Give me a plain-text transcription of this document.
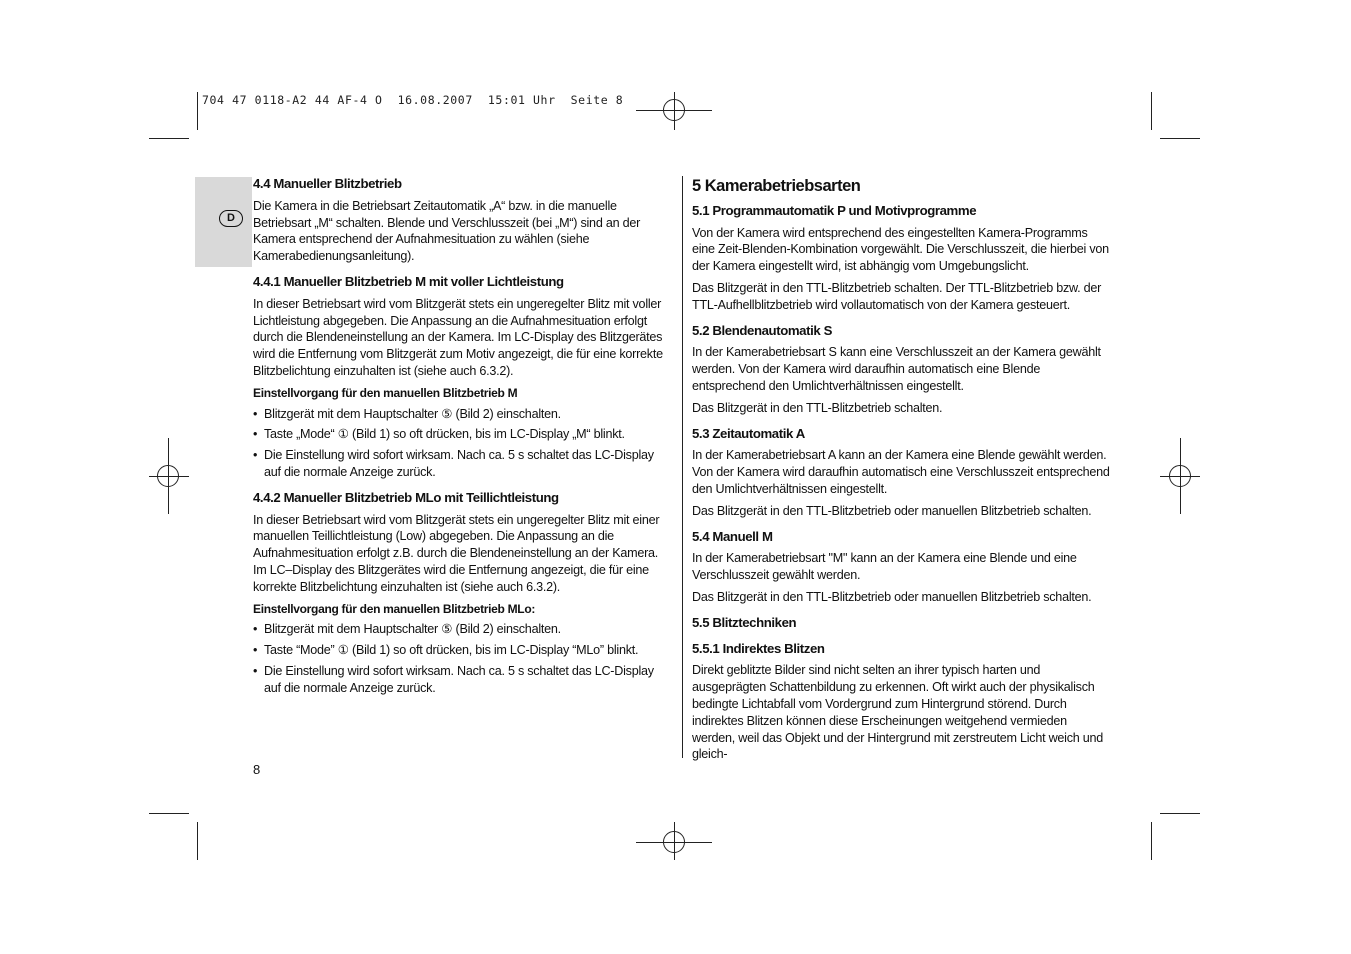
704 47 0118-A2 44 AF-4 O  16.08.2007  15:01 Uhr  Seite 8
D
4.4 Manueller Blitzbetrieb

Die Kamera in die Betriebsart Zeitautomatik „A“ bzw. in die manuelle Betriebsart „M“ schalten. Blende und Verschlusszeit (bei „M“) sind an der Kamera entsprechend der Aufnahmesituation zu wählen (siehe Kamerabedienungsanleitung).

4.4.1 Manueller Blitzbetrieb M mit voller Lichtleistung

In dieser Betriebsart wird vom Blitzgerät stets ein ungeregelter Blitz mit voller Lichtleistung abgegeben. Die Anpassung an die Aufnahmesituation erfolgt durch die Blendeneinstellung an der Kamera. Im LC-Display des Blitzgerätes wird die Entfernung vom Blitzgerät zum Motiv angezeigt, die für eine korrekte Blitzbelichtung einzuhalten ist (siehe auch 6.3.2).

Einstellvorgang für den manuellen Blitzbetrieb M
• Blitzgerät mit dem Hauptschalter ⑤ (Bild 2) einschalten.
• Taste „Mode“ ① (Bild 1) so oft drücken, bis im LC-Display „M“ blinkt.
• Die Einstellung wird sofort wirksam. Nach ca. 5 s schaltet das LC-Display auf die normale Anzeige zurück.
4.4.2 Manueller Blitzbetrieb MLo mit Teillichtleistung

In dieser Betriebsart wird vom Blitzgerät stets ein ungeregelter Blitz mit einer manuellen Teillichtleistung (Low) abgegeben. Die Anpassung an die Aufnahmesituation erfolgt z.B. durch die Blendeneinstellung an der Kamera. Im LC–Display des Blitzgerätes wird die Entfernung angezeigt, die für eine korrekte Blitzbelichtung einzuhalten ist (siehe auch 6.3.2).

Einstellvorgang für den manuellen Blitzbetrieb MLo:
• Blitzgerät mit dem Hauptschalter ⑤ (Bild 2) einschalten.
• Taste “Mode” ① (Bild 1) so oft drücken, bis im LC-Display “MLo” blinkt.
• Die Einstellung wird sofort wirksam. Nach ca. 5 s schaltet das LC-Display auf die normale Anzeige zurück.
5 Kamerabetriebsarten
5.1 Programmautomatik P und Motivprogramme

Von der Kamera wird entsprechend des eingestellten Kamera-Programms eine Zeit-Blenden-Kombination vorgewählt. Die Verschlusszeit, die hierbei von der Kamera eingestellt wird, ist abhängig vom Umgebungslicht.

Das Blitzgerät in den TTL-Blitzbetrieb schalten. Der TTL-Blitzbetrieb bzw. der TTL-Aufhellblitzbetrieb wird vollautomatisch von der Kamera gesteuert.

5.2 Blendenautomatik S

In der Kamerabetriebsart S kann eine Verschlusszeit an der Kamera gewählt werden. Von der Kamera wird daraufhin automatisch eine Blende entsprechend den Umlichtverhältnissen eingestellt.

Das Blitzgerät in den TTL-Blitzbetrieb schalten.

5.3 Zeitautomatik A

In der Kamerabetriebsart A kann an der Kamera eine Blende gewählt werden. Von der Kamera wird daraufhin automatisch eine Verschlusszeit entsprechend den Umlichtverhältnissen eingestellt.

Das Blitzgerät in den TTL-Blitzbetrieb oder manuellen Blitzbetrieb schalten.

5.4 Manuell M

In der Kamerabetriebsart "M" kann an der Kamera eine Blende und eine Verschlusszeit gewählt werden.

Das Blitzgerät in den TTL-Blitzbetrieb oder manuellen Blitzbetrieb schalten.

5.5 Blitztechniken
5.5.1 Indirektes Blitzen

Direkt geblitzte Bilder sind nicht selten an ihrer typisch harten und ausgeprägten Schattenbildung zu erkennen. Oft wirkt auch der physikalisch bedingte Lichtabfall vom Vordergrund zum Hintergrund störend. Durch indirektes Blitzen können diese Erscheinungen weitgehend vermieden werden, weil das Objekt und der Hintergrund mit zerstreutem Licht weich und gleich-

8
